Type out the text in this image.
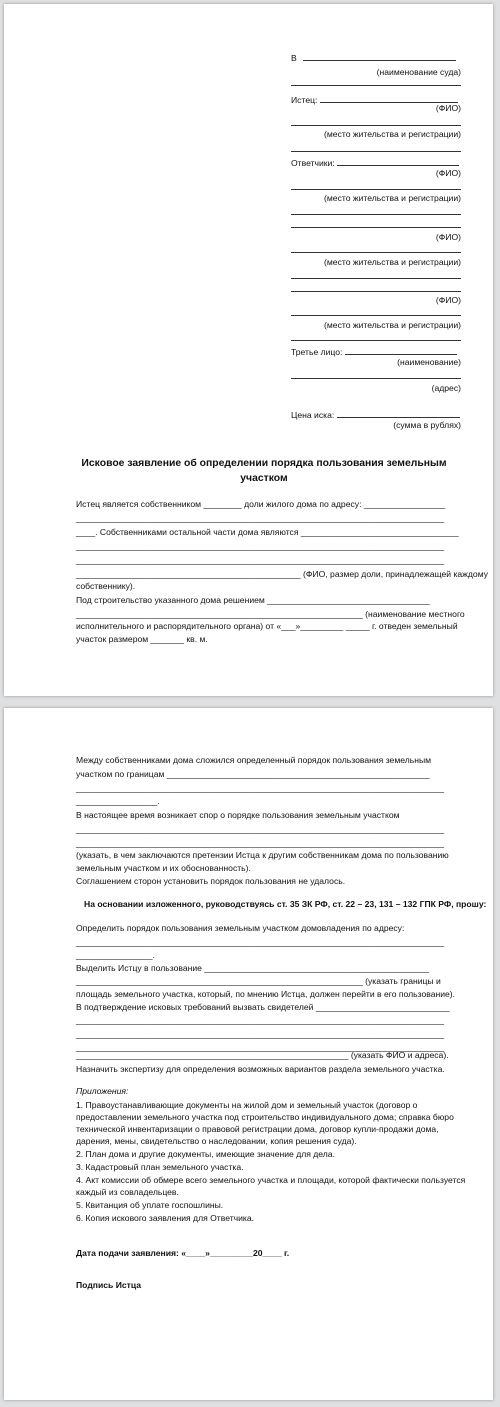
В
(наименование суда)
Истец:
(ФИО)
(место жительства и регистрации)
Ответчики:
(ФИО)
(место жительства и регистрации)
(ФИО)
(место жительства и регистрации)
(ФИО)
(место жительства и регистрации)
Третье лицо:
(наименование)
(адрес)
Цена иска:
(сумма в рублях)
Исковое заявление об определении порядка пользования земельным участком
Истец является собственником ________ доли жилого дома по адресу: _________________
_____________________________________________________________________________
____. Собственниками остальной части дома являются _________________________________
_____________________________________________________________________________
_____________________________________________________________________________
_______________________________________________ (ФИО, размер доли, принадлежащей каждому
собственнику).
Под строительство указанного дома решением __________________________________
____________________________________________________________ (наименование местного
исполнительного и распорядительного органа) от «___»_________ _____ г. отведен земельный
участок размером _______ кв. м.
Между собственниками дома сложился определенный порядок пользования земельным
участком по границам _______________________________________________________
_____________________________________________________________________________
_________________.
В настоящее время возникает спор о порядке пользования земельным участком
_____________________________________________________________________________
_____________________________________________________________________________
(указать, в чем заключаются претензии Истца к другим собственникам дома по пользованию
земельным участком и их обоснованность).
Соглашением сторон установить порядок пользования не удалось.
На основании изложенного, руководствуясь ст. 35 ЗК РФ, ст. 22 – 23, 131 – 132 ГПК РФ, прошу:
Определить порядок пользования земельным участком домовладения по адресу:
_____________________________________________________________________________
________________.
Выделить Истцу в пользование _______________________________________________
____________________________________________________________ (указать границы и
площадь земельного участка, который, по мнению Истца, должен перейти в его пользование).
В подтверждение исковых требований вызвать свидетелей ____________________________
_____________________________________________________________________________
_____________________________________________________________________________
_____________________________________________________________________________
_________________________________________________________ (указать ФИО и адреса).
Назначить экспертизу для определения возможных вариантов раздела земельного участка.
Приложения:
1. Правоустанавливающие документы на жилой дом и земельный участок (договор о
предоставлении земельного участка под строительство индивидуального дома; справка бюро
технической инвентаризации о правовой регистрации дома, договор купли-продажи дома,
дарения, мены, свидетельство о наследовании, копия решения суда).
2. План дома и другие документы, имеющие значение для дела.
3. Кадастровый план земельного участка.
4. Акт комиссии об обмере всего земельного участка и площади, которой фактически пользуется
каждый из совладельцев.
5. Квитанция об уплате госпошлины.
6. Копия искового заявления для Ответчика.
Дата подачи заявления: «____»_________20____ г.
Подпись Истца
